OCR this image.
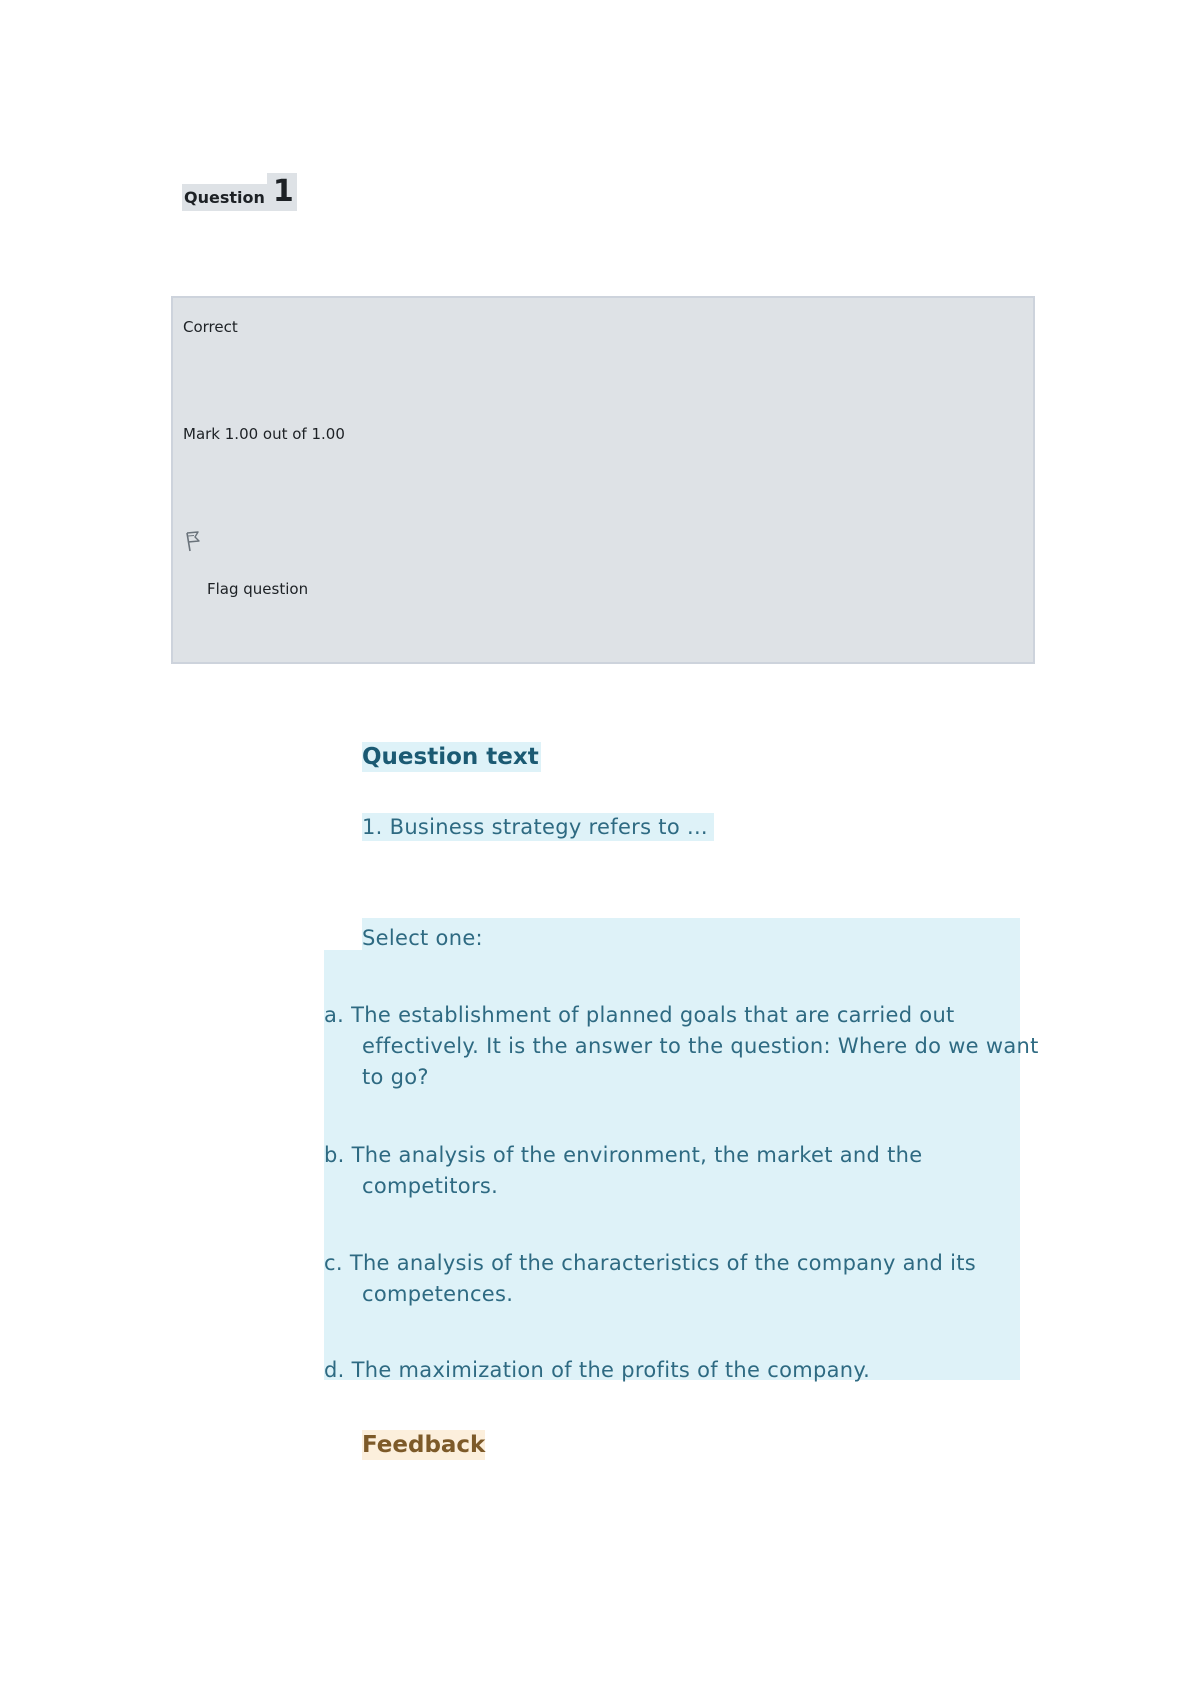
Question 1
Correct
Mark 1.00 out of 1.00
Flag question
Question text
1. Business strategy refers to ...
Select one:
a. The establishment of planned goals that are carried out effectively. It is the answer to the question: Where do we want to go?
b. The analysis of the environment, the market and the competitors.
c. The analysis of the characteristics of the company and its competences.
d. The maximization of the profits of the company.
Feedback
